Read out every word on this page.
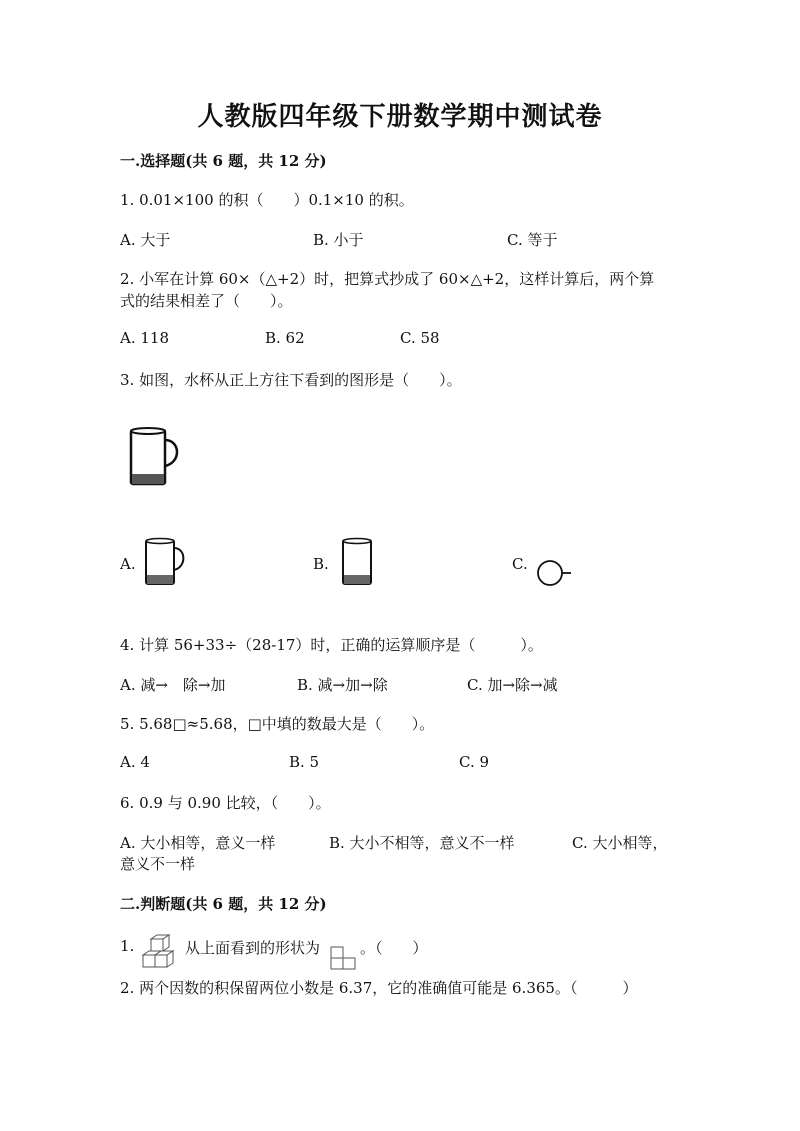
人教版四年级下册数学期中测试卷
一.选择题(共 6 题，共 12 分)
1. 0.01×100 的积（　　）0.1×10 的积。
A. 大于	B. 小于	C. 等于
2. 小军在计算 60×（△+2）时，把算式抄成了 60×△+2，这样计算后，两个算
式的结果相差了（　　）。
A. 118	B. 62	C. 58
3. 如图，水杯从正上方往下看到的图形是（　　）。
A.	B.	C.
4. 计算 56+33÷（28-17）时，正确的运算顺序是（　　　）。
A. 减→　除→加	B. 减→加→除	C. 加→除→减
5. 5.68□≈5.68，□中填的数最大是（　　）。
A. 4	B. 5	C. 9
6. 0.9 与 0.90 比较，（　　）。
A. 大小相等，意义一样	B. 大小不相等，意义不一样	C. 大小相等，
意义不一样
二.判断题(共 6 题，共 12 分)
1.	从上面看到的形状为	。（　　）
2. 两个因数的积保留两位小数是 6.37，它的准确值可能是 6.365。（　　　）
